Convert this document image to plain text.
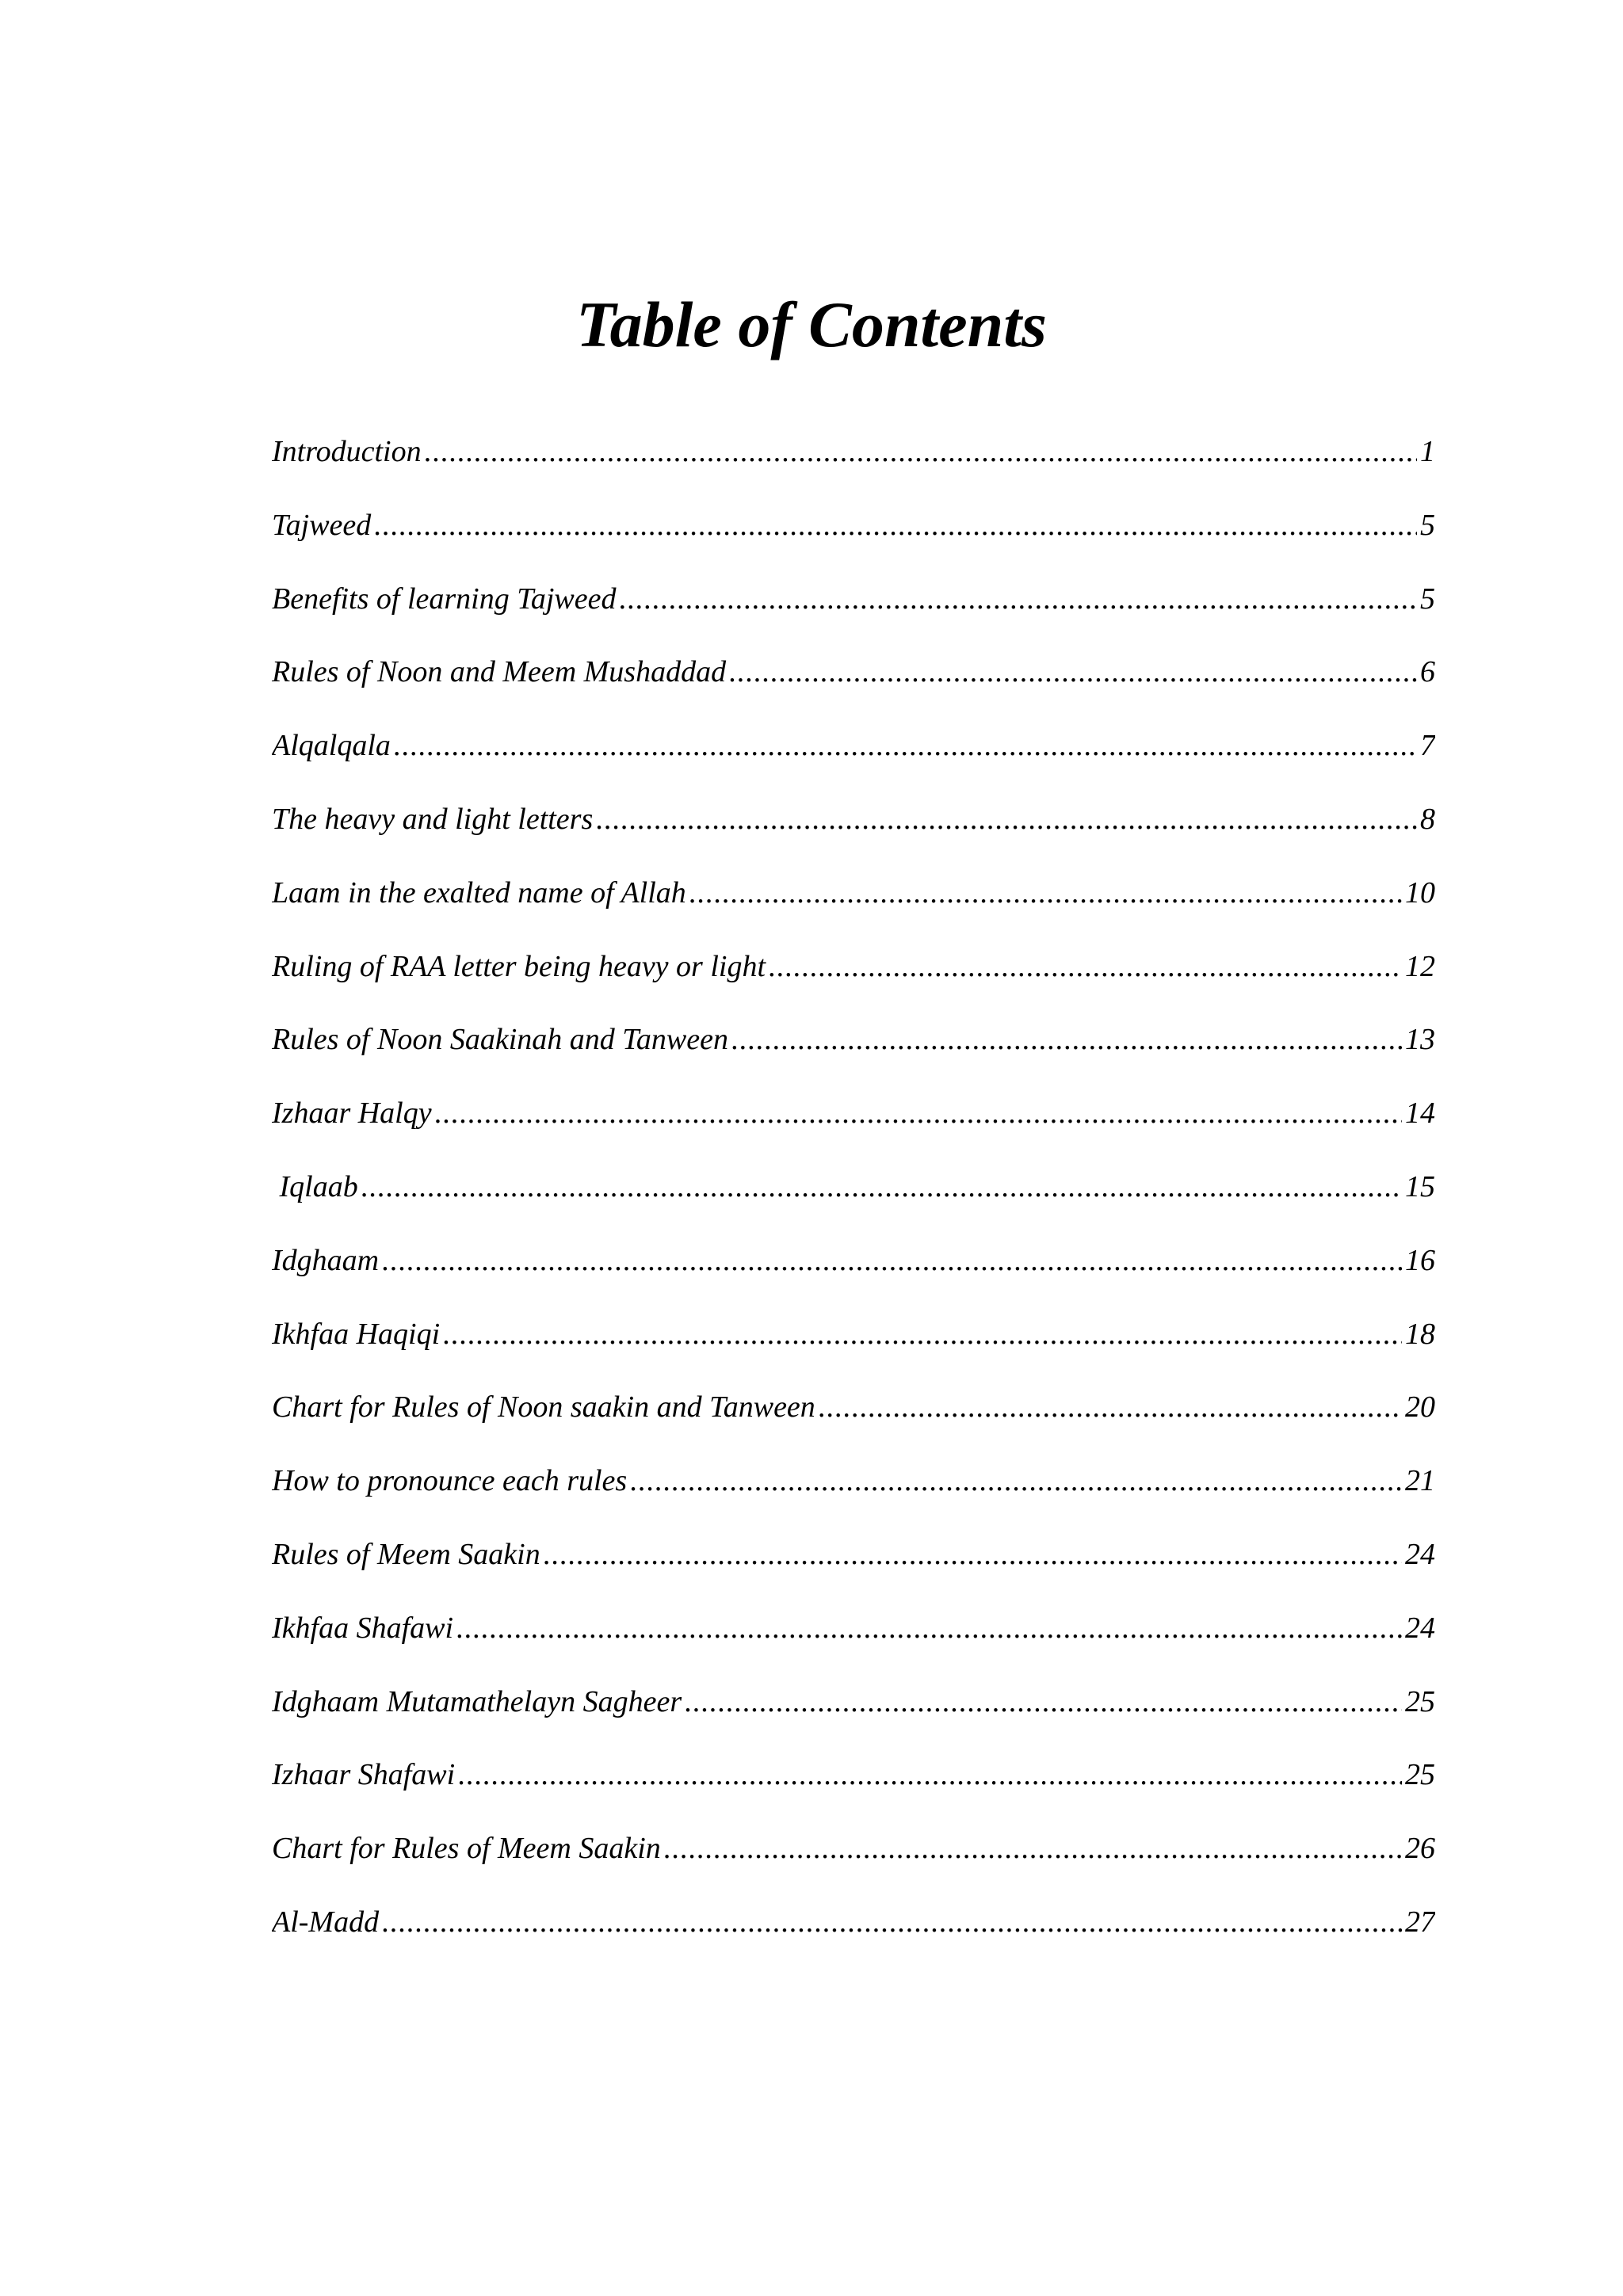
Table of Contents
Introduction .....	1
Tajweed .....	5
Benefits of learning Tajweed .....	5
Rules of Noon and Meem Mushaddad .....	6
Alqalqala .....	7
The heavy and light letters .....	8
Laam in the exalted name of Allah .....	10
Ruling of RAA letter being heavy or light .....	12
Rules of Noon Saakinah and Tanween .....	13
Izhaar Halqy .....	14
Iqlaab .....	15
Idghaam .....	16
Ikhfaa Haqiqi .....	18
Chart for Rules of Noon saakin and Tanween .....	20
How to pronounce each rules .....	21
Rules of Meem Saakin .....	24
Ikhfaa Shafawi .....	24
Idghaam Mutamathelayn Sagheer .....	25
Izhaar Shafawi .....	25
Chart for Rules of Meem Saakin .....	26
Al-Madd .....	27
